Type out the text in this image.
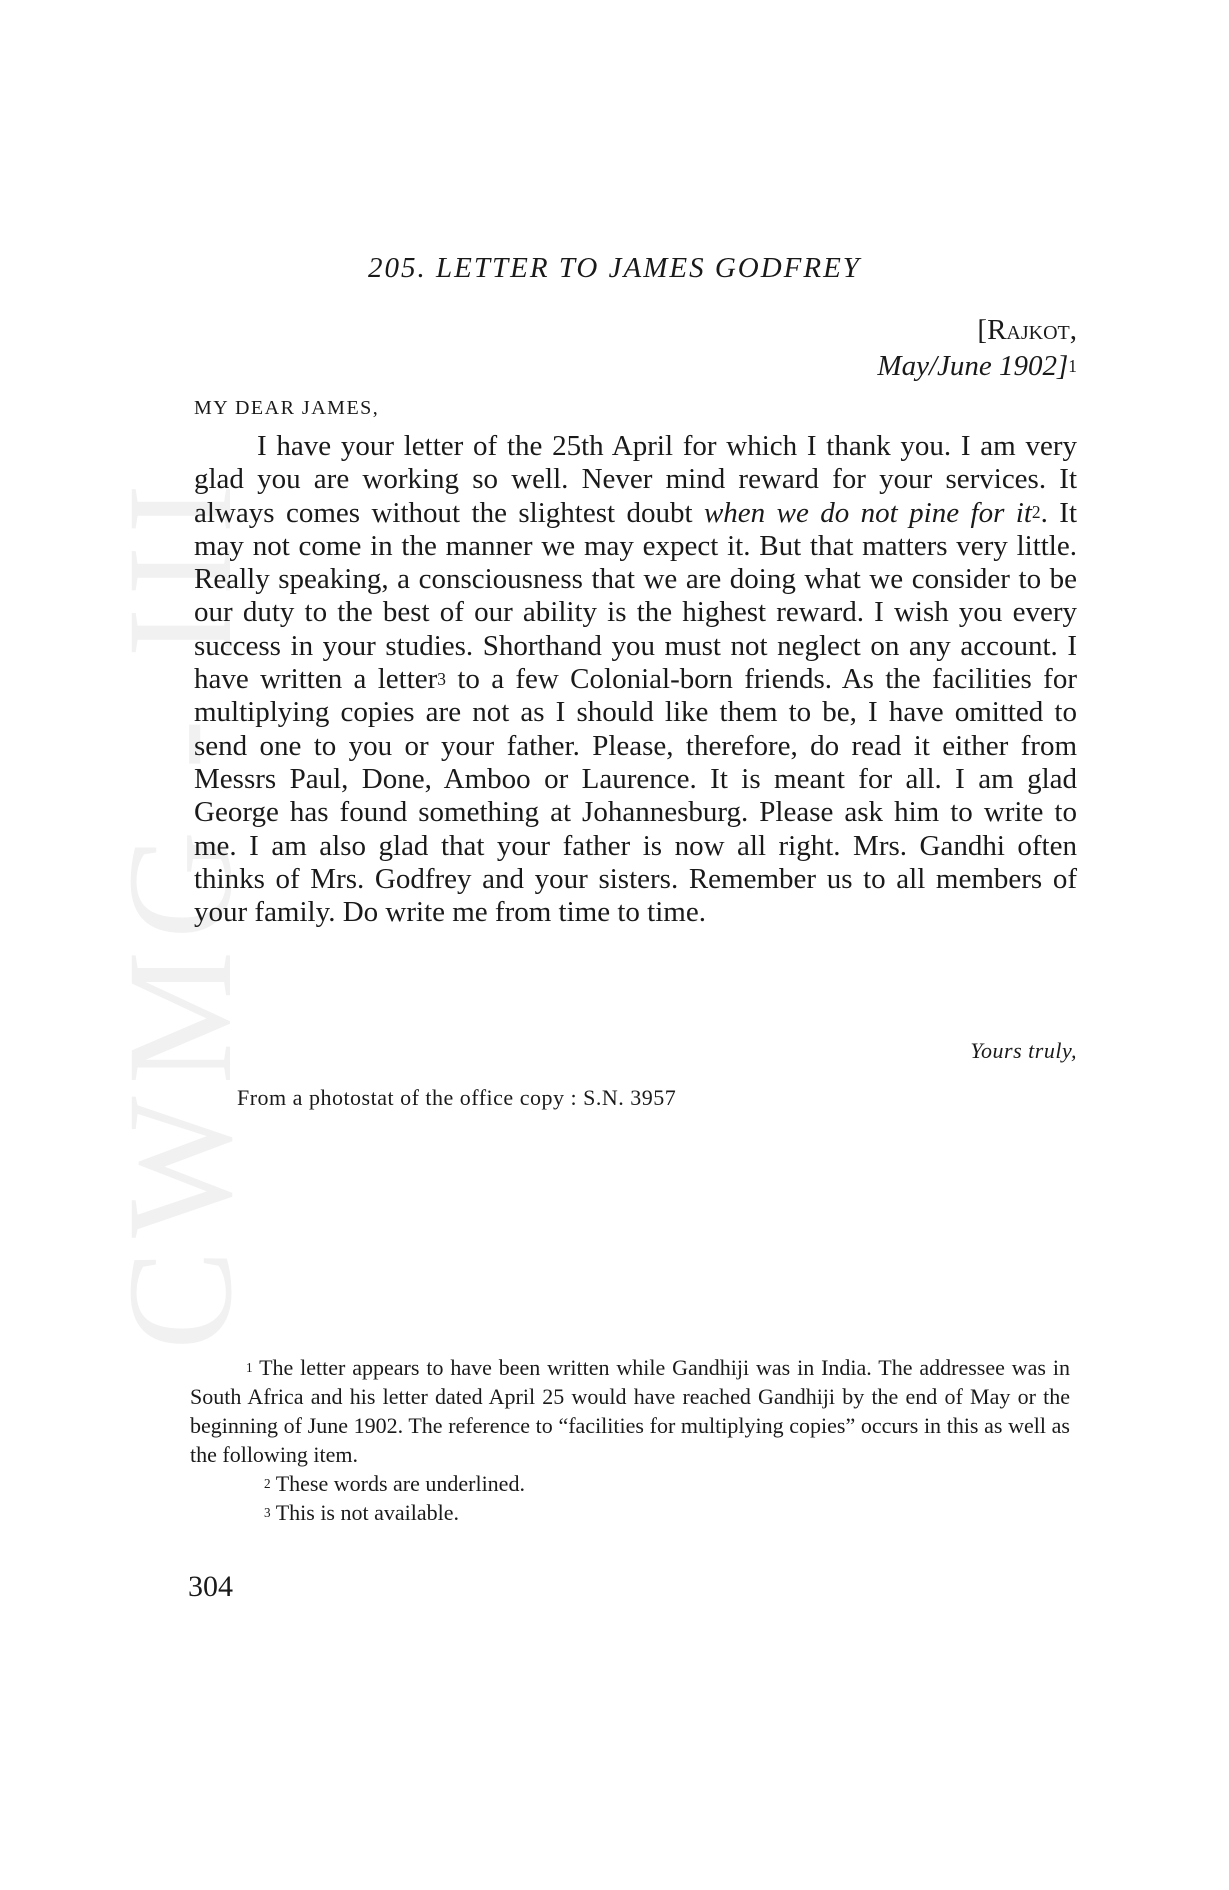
CWMG - III
205. LETTER TO JAMES GODFREY
[Rajkot,
May/June 1902]$^1$
MY DEAR JAMES,

I have your letter of the 25th April for which I thank you. I am very glad you are working so well. Never mind reward for your services. It always comes without the slightest doubt when we do not pine for $it^2$. It may not come in the manner we may expect it. But that matters very little. Really speaking, a consciousness that we are doing what we consider to be our duty to the best of our ability is the highest reward. I wish you every success in your studies. Shorthand you must not neglect on any account. I have written a letter$^3$ to a few Colonial-born friends. As the facilities for multiplying copies are not as I should like them to be, I have omitted to send one to you or your father. Please, therefore, do read it either from Messrs Paul, Done, Amboo or Laurence. It is meant for all. I am glad George has found something at Johannesburg. Please ask him to write to me. I am also glad that your father is now all right. Mrs. Gandhi often thinks of Mrs. Godfrey and your sisters. Remember us to all members of your family. Do write me from time to time.

Yours truly,
From a photostat of the office copy : S.N. 3957

$^1$ The letter appears to have been written while Gandhiji was in India. The addressee was in South Africa and his letter dated April 25 would have reached Gandhiji by the end of May or the beginning of June 1902. The reference to “facilities for multiplying copies” occurs in this as well as the following item.

$^2$ These words are underlined.

$^3$ This is not available.

304
